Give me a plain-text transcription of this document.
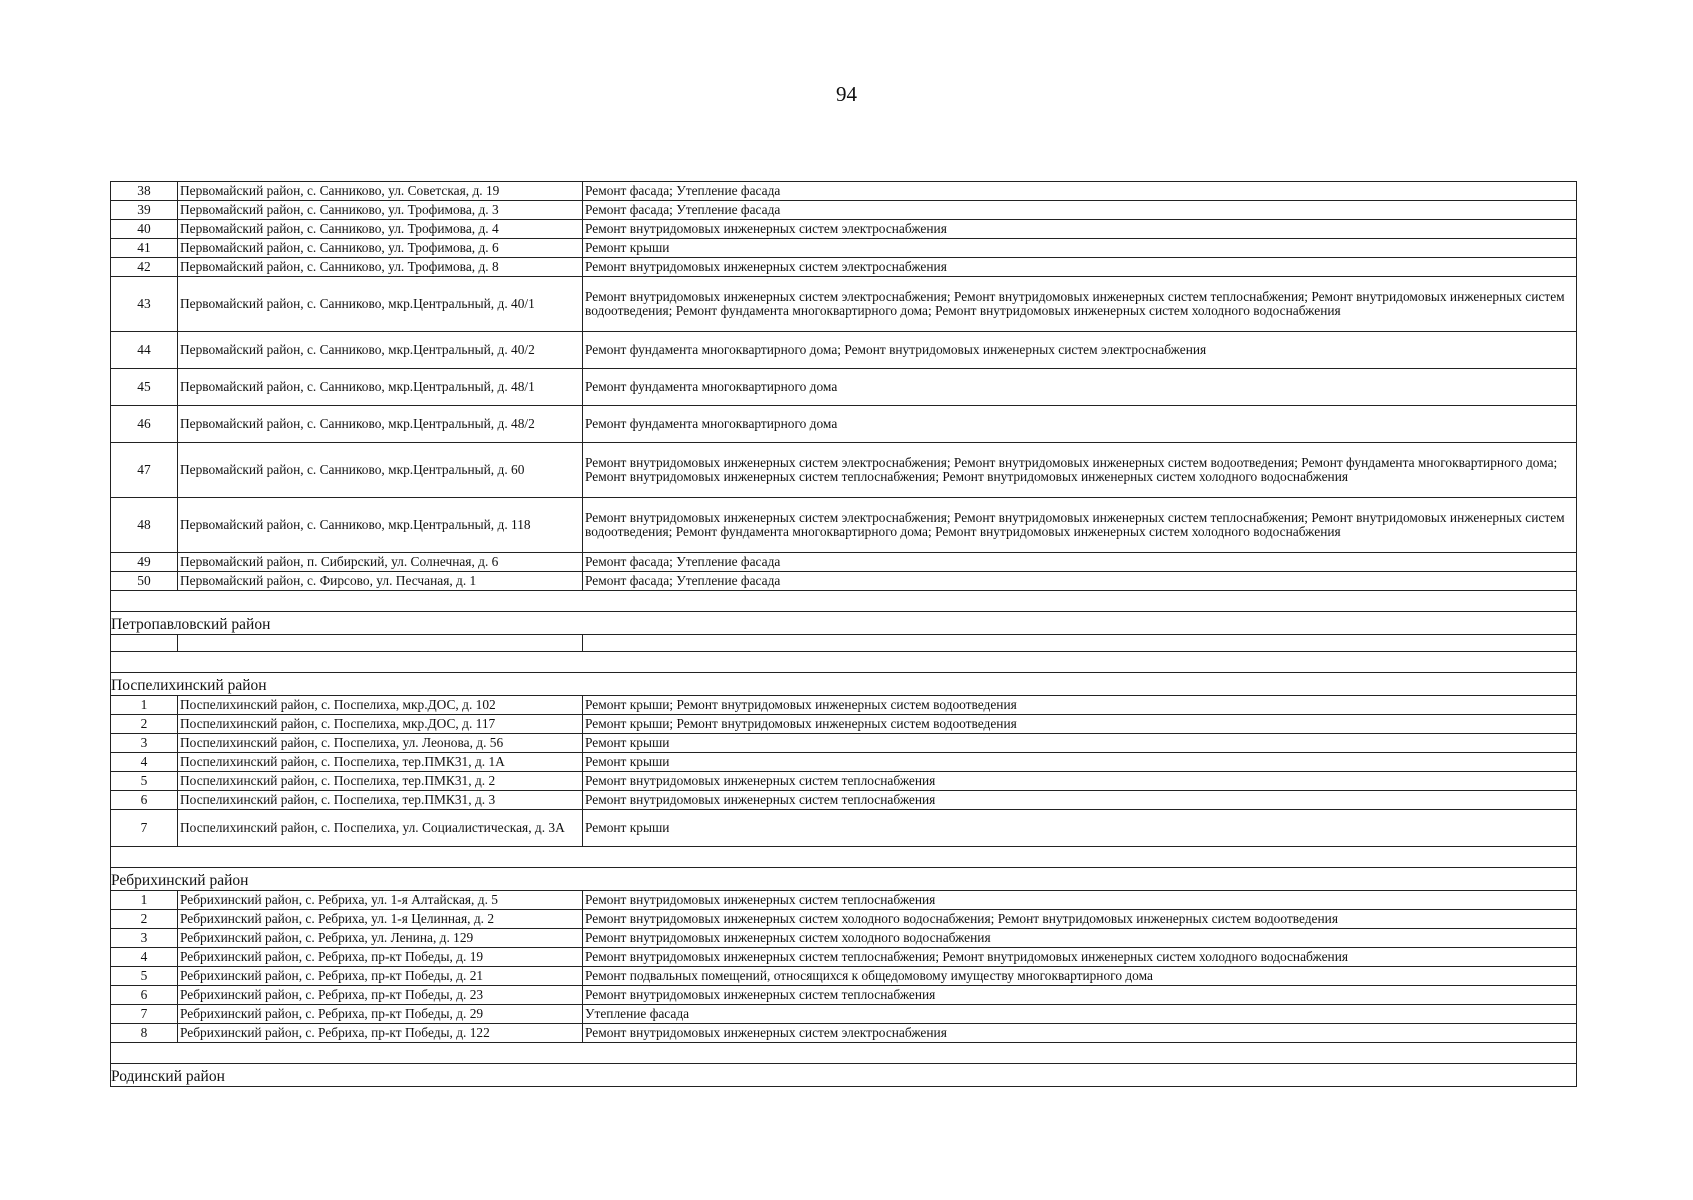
94
38	Первомайский район, с. Санниково, ул. Советская, д. 19	Ремонт фасада; Утепление фасада
39	Первомайский район, с. Санниково, ул. Трофимова, д. 3	Ремонт фасада; Утепление фасада
40	Первомайский район, с. Санниково, ул. Трофимова, д. 4	Ремонт внутридомовых инженерных систем электроснабжения
41	Первомайский район, с. Санниково, ул. Трофимова, д. 6	Ремонт крыши
42	Первомайский район, с. Санниково, ул. Трофимова, д. 8	Ремонт внутридомовых инженерных систем электроснабжения
43	Первомайский район, с. Санниково, мкр.Центральный, д. 40/1	Ремонт внутридомовых инженерных систем электроснабжения; Ремонт внутридомовых инженерных систем теплоснабжения; Ремонт внутридомовых инженерных систем водоотведения; Ремонт фундамента многоквартирного дома; Ремонт внутридомовых инженерных систем холодного водоснабжения
44	Первомайский район, с. Санниково, мкр.Центральный, д. 40/2	Ремонт фундамента многоквартирного дома; Ремонт внутридомовых инженерных систем электроснабжения
45	Первомайский район, с. Санниково, мкр.Центральный, д. 48/1	Ремонт фундамента многоквартирного дома
46	Первомайский район, с. Санниково, мкр.Центральный, д. 48/2	Ремонт фундамента многоквартирного дома
47	Первомайский район, с. Санниково, мкр.Центральный, д. 60	Ремонт внутридомовых инженерных систем электроснабжения; Ремонт внутридомовых инженерных систем водоотведения; Ремонт фундамента многоквартирного дома; Ремонт внутридомовых инженерных систем теплоснабжения; Ремонт внутридомовых инженерных систем холодного водоснабжения
48	Первомайский район, с. Санниково, мкр.Центральный, д. 118	Ремонт внутридомовых инженерных систем электроснабжения; Ремонт внутридомовых инженерных систем теплоснабжения; Ремонт внутридомовых инженерных систем водоотведения; Ремонт фундамента многоквартирного дома; Ремонт внутридомовых инженерных систем холодного водоснабжения
49	Первомайский район, п. Сибирский, ул. Солнечная, д. 6	Ремонт фасада; Утепление фасада
50	Первомайский район, с. Фирсово, ул. Песчаная, д. 1	Ремонт фасада; Утепление фасада

Петропавловский район		

Поспелихинский район		
1	Поспелихинский район, с. Поспелиха, мкр.ДОС, д. 102	Ремонт крыши; Ремонт внутридомовых инженерных систем водоотведения
2	Поспелихинский район, с. Поспелиха, мкр.ДОС, д. 117	Ремонт крыши; Ремонт внутридомовых инженерных систем водоотведения
3	Поспелихинский район, с. Поспелиха, ул. Леонова, д. 56	Ремонт крыши
4	Поспелихинский район, с. Поспелиха, тер.ПМК31, д. 1А	Ремонт крыши
5	Поспелихинский район, с. Поспелиха, тер.ПМК31, д. 2	Ремонт внутридомовых инженерных систем теплоснабжения
6	Поспелихинский район, с. Поспелиха, тер.ПМК31, д. 3	Ремонт внутридомовых инженерных систем теплоснабжения
7	Поспелихинский район, с. Поспелиха, ул. Социалистическая, д. 3А	Ремонт крыши

Ребрихинский район		
1	Ребрихинский район, с. Ребриха, ул. 1-я Алтайская, д. 5	Ремонт внутридомовых инженерных систем теплоснабжения
2	Ребрихинский район, с. Ребриха, ул. 1-я Целинная, д. 2	Ремонт внутридомовых инженерных систем холодного водоснабжения; Ремонт внутридомовых инженерных систем водоотведения
3	Ребрихинский район, с. Ребриха, ул. Ленина, д. 129	Ремонт внутридомовых инженерных систем холодного водоснабжения
4	Ребрихинский район, с. Ребриха, пр-кт Победы, д. 19	Ремонт внутридомовых инженерных систем теплоснабжения; Ремонт внутридомовых инженерных систем холодного водоснабжения
5	Ребрихинский район, с. Ребриха, пр-кт Победы, д. 21	Ремонт подвальных помещений, относящихся к общедомовому имуществу многоквартирного дома
6	Ребрихинский район, с. Ребриха, пр-кт Победы, д. 23	Ремонт внутридомовых инженерных систем теплоснабжения
7	Ребрихинский район, с. Ребриха, пр-кт Победы, д. 29	Утепление фасада
8	Ребрихинский район, с. Ребриха, пр-кт Победы, д. 122	Ремонт внутридомовых инженерных систем электроснабжения

Родинский район		
